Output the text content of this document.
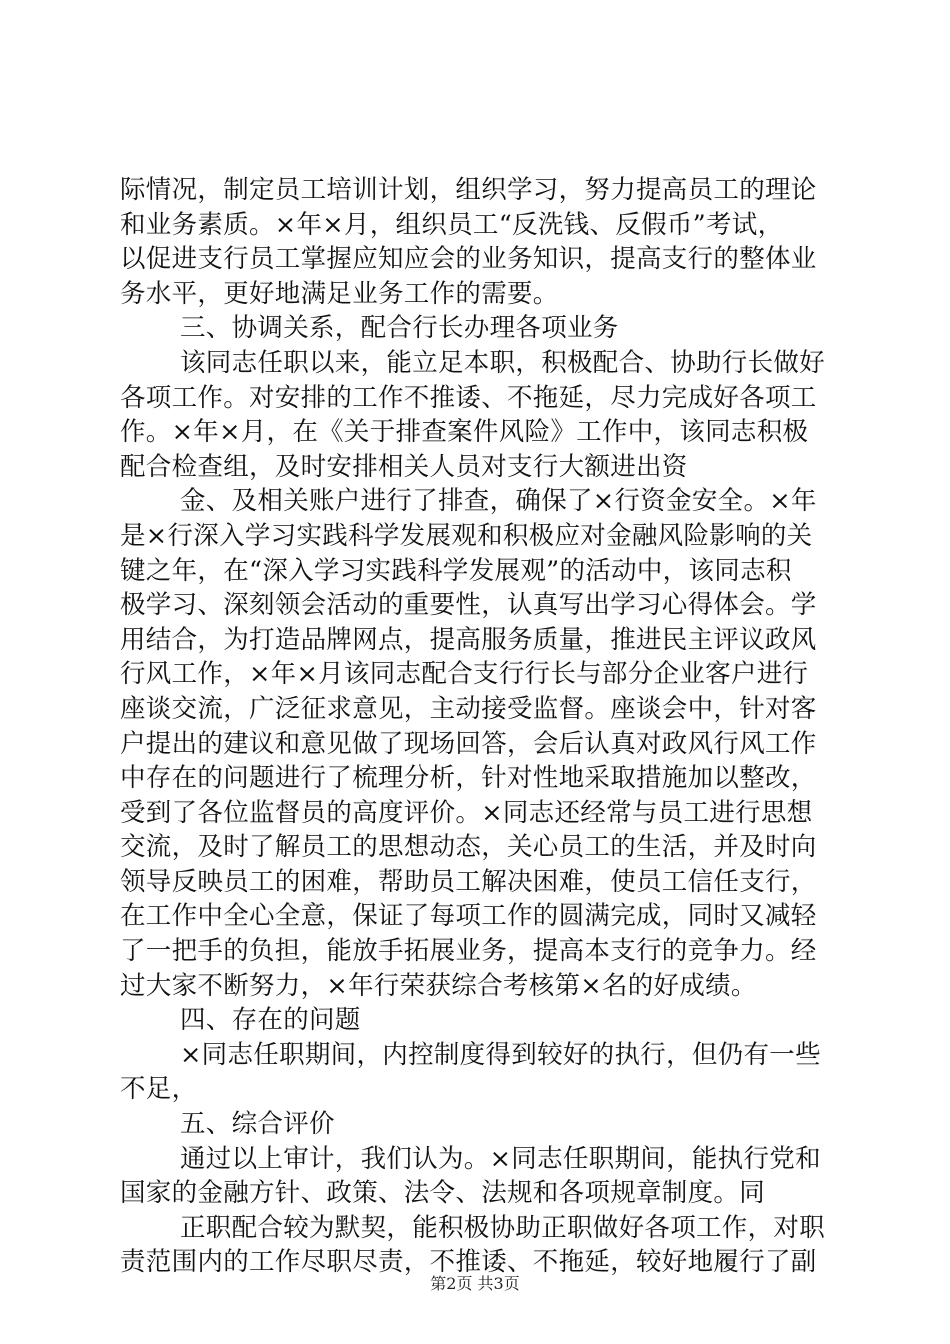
际情况，制定员工培训计划，组织学习，努力提高员工的理论
和业务素质。×年×月，组织员工“反洗钱、反假币”考试，
以促进支行员工掌握应知应会的业务知识，提高支行的整体业
务水平，更好地满足业务工作的需要。
三、协调关系，配合行长办理各项业务
该同志任职以来，能立足本职，积极配合、协助行长做好
各项工作。对安排的工作不推诿、不拖延，尽力完成好各项工
作。×年×月，在《关于排查案件风险》工作中，该同志积极
配合检查组，及时安排相关人员对支行大额进出资
金、及相关账户进行了排查，确保了×行资金安全。×年
是×行深入学习实践科学发展观和积极应对金融风险影响的关
键之年，在“深入学习实践科学发展观”的活动中，该同志积
极学习、深刻领会活动的重要性，认真写出学习心得体会。学
用结合，为打造品牌网点，提高服务质量，推进民主评议政风
行风工作，×年×月该同志配合支行行长与部分企业客户进行
座谈交流，广泛征求意见，主动接受监督。座谈会中，针对客
户提出的建议和意见做了现场回答，会后认真对政风行风工作
中存在的问题进行了梳理分析，针对性地采取措施加以整改，
受到了各位监督员的高度评价。×同志还经常与员工进行思想
交流，及时了解员工的思想动态，关心员工的生活，并及时向
领导反映员工的困难，帮助员工解决困难，使员工信任支行，
在工作中全心全意，保证了每项工作的圆满完成，同时又减轻
了一把手的负担，能放手拓展业务，提高本支行的竞争力。经
过大家不断努力，×年行荣获综合考核第×名的好成绩。
四、存在的问题
×同志任职期间，内控制度得到较好的执行，但仍有一些
不足，
五、综合评价
通过以上审计，我们认为。×同志任职期间，能执行党和
国家的金融方针、政策、法令、法规和各项规章制度。同
正职配合较为默契，能积极协助正职做好各项工作，对职
责范围内的工作尽职尽责，不推诿、不拖延，较好地履行了副
第2页 共3页
